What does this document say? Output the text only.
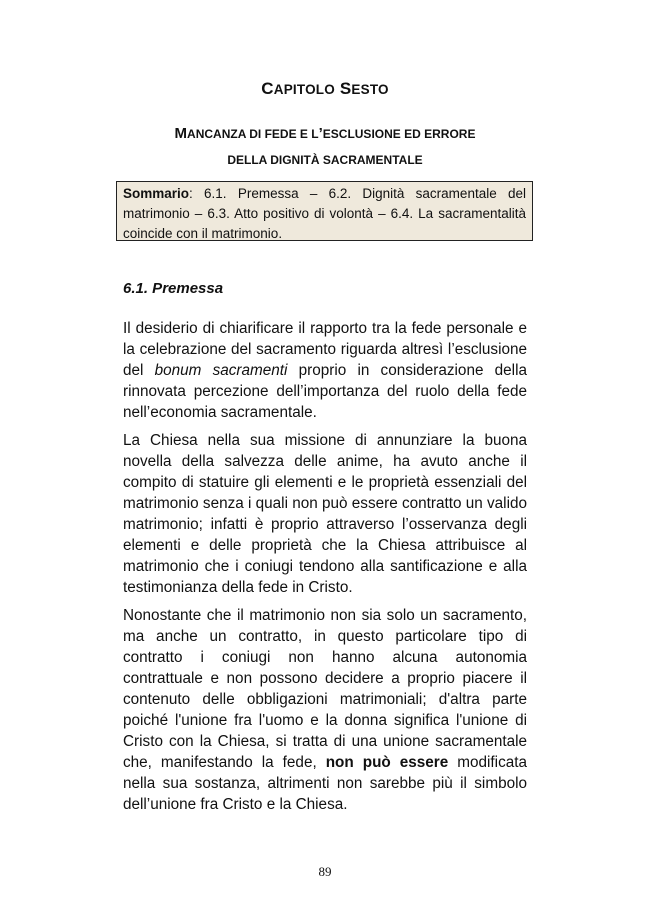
CAPITOLO SESTO
MANCANZA DI FEDE E L’ESCLUSIONE ED ERRORE
DELLA DIGNITÀ SACRAMENTALE
Sommario: 6.1. Premessa – 6.2. Dignità sacramentale del matrimonio – 6.3. Atto positivo di volontà – 6.4. La sacramentalità coincide con il matrimonio.
6.1. Premessa

Il desiderio di chiarificare il rapporto tra la fede personale e la celebrazione del sacramento riguarda altresì l’esclusione del bonum sacramenti proprio in considerazione della rinnovata percezione dell’importanza del ruolo della fede nell’economia sacramentale.

La Chiesa nella sua missione di annunziare la buona novella della salvezza delle anime, ha avuto anche il compito di statuire gli elementi e le proprietà essenziali del matrimonio senza i quali non può essere contratto un valido matrimonio; infatti è proprio attraverso l’osservanza degli elementi e delle proprietà che la Chiesa attribuisce al matrimonio che i coniugi tendono alla santificazione e alla testimonianza della fede in Cristo.

Nonostante che il matrimonio non sia solo un sacramento, ma anche un contratto, in questo particolare tipo di contratto i coniugi non hanno alcuna autonomia contrattuale e non possono decidere a proprio piacere il contenuto delle obbligazioni matrimoniali; d'altra parte poiché l'unione fra l'uomo e la donna significa l'unione di Cristo con la Chiesa, si tratta di una unione sacramentale che, manifestando la fede, non può essere modificata nella sua sostanza, altrimenti non sarebbe più il simbolo dell’unione fra Cristo e la Chiesa.

89
